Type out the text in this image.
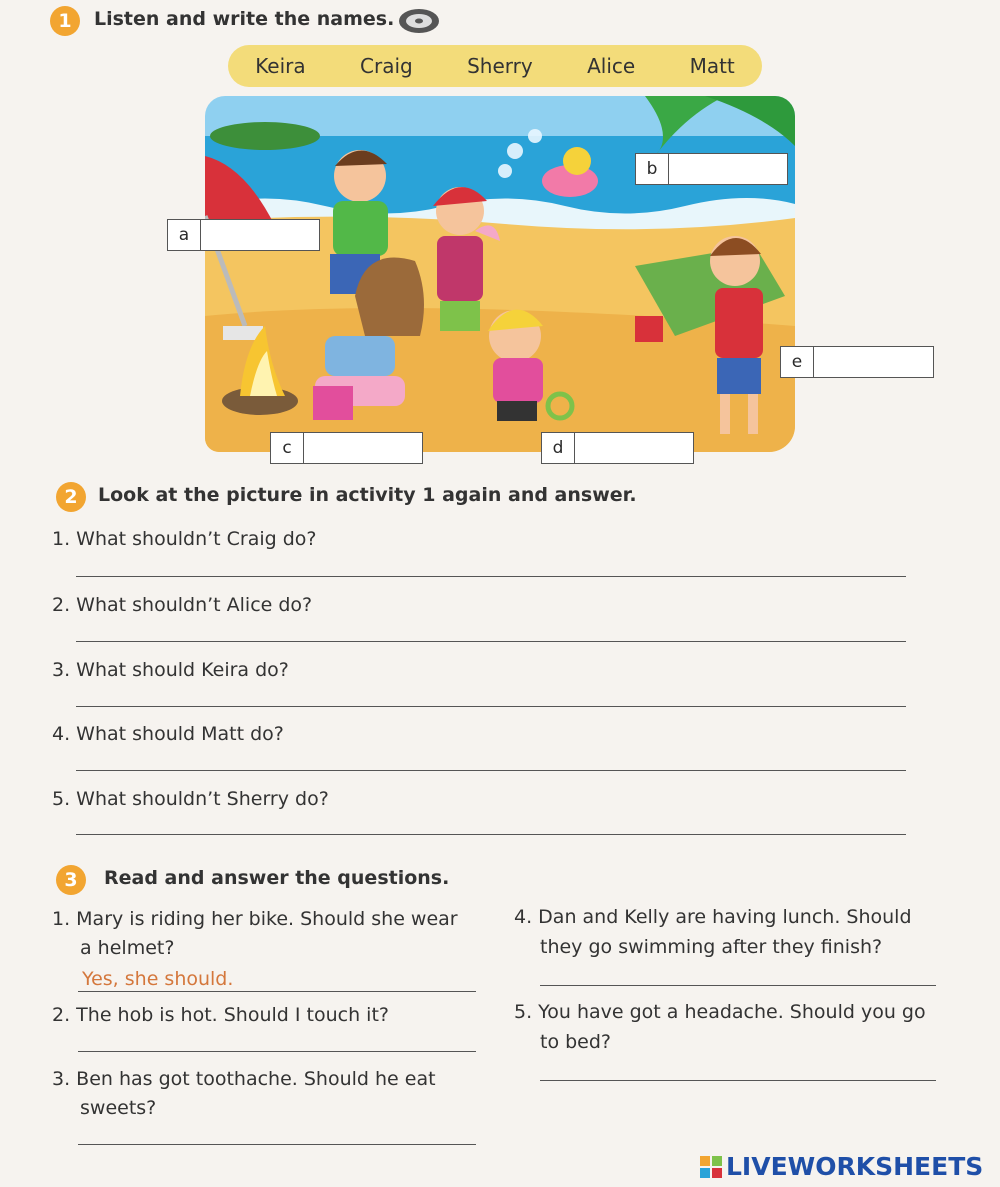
1	Listen and write the names.
Keira	Craig	Sherry	Alice	Matt
a
b
c	d
e
2	Look at the picture in activity 1 again and answer.
1. What shouldn’t Craig do?
2. What shouldn’t Alice do?
3. What should Keira do?
4. What should Matt do?
5. What shouldn’t Sherry do?
3	Read and answer the questions.
1. Mary is riding her bike. Should she wear
a helmet?
Yes, she should.
2. The hob is hot. Should I touch it?
3. Ben has got toothache. Should he eat
sweets?
4. Dan and Kelly are having lunch. Should
they go swimming after they finish?
5. You have got a headache. Should you go
to bed?
LIVEWORKSHEETS
